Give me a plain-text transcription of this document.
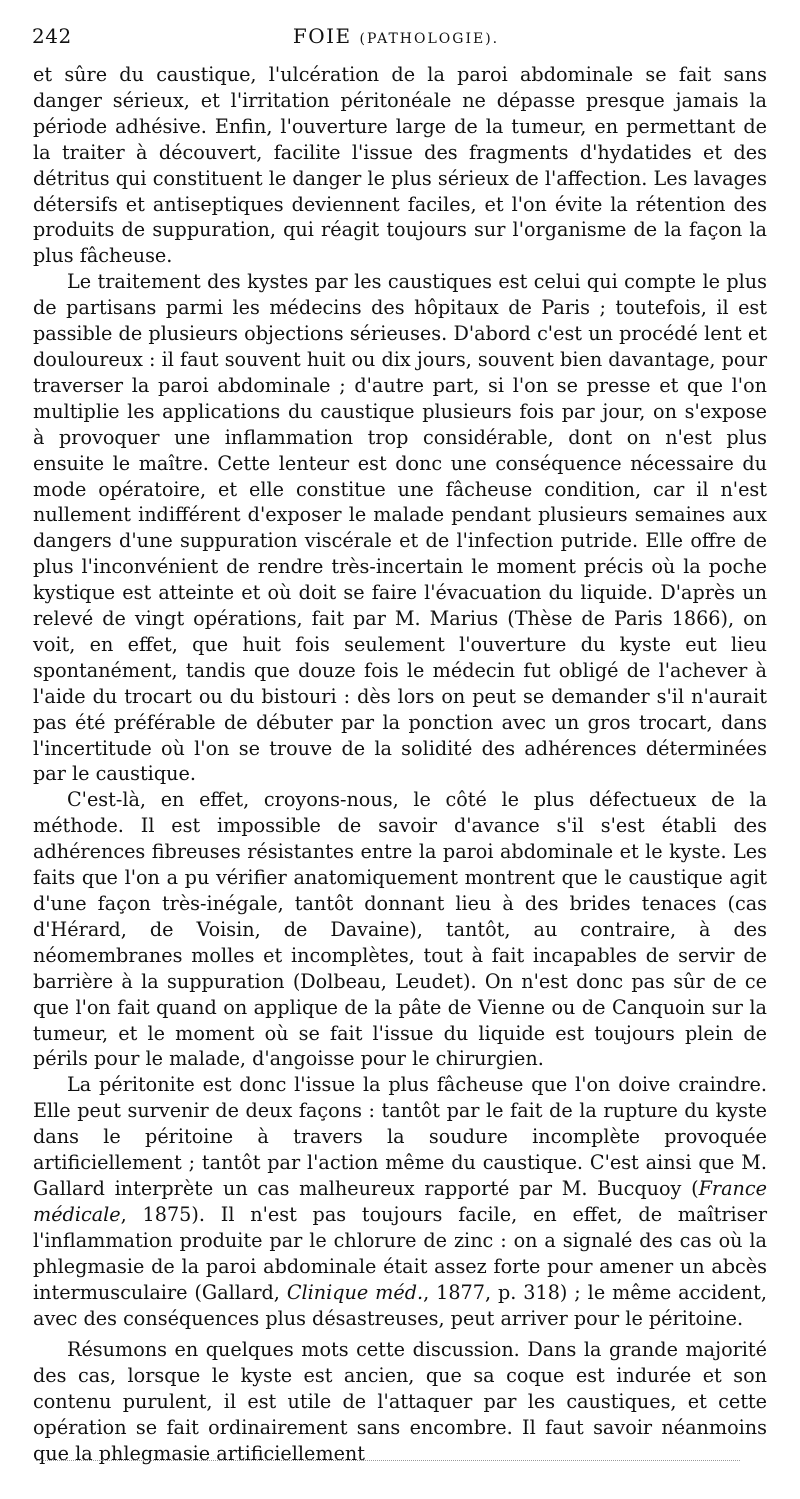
242	FOIE (PATHOLOGIE).

et sûre du caustique, l'ulcération de la paroi abdominale se fait sans danger sérieux, et l'irritation péritonéale ne dépasse presque jamais la période adhésive. Enfin, l'ouverture large de la tumeur, en permettant de la traiter à découvert, facilite l'issue des fragments d'hydatides et des détritus qui constituent le danger le plus sérieux de l'affection. Les lavages détersifs et antiseptiques deviennent faciles, et l'on évite la rétention des produits de suppuration, qui réagit toujours sur l'organisme de la façon la plus fâcheuse.

Le traitement des kystes par les caustiques est celui qui compte le plus de partisans parmi les médecins des hôpitaux de Paris ; toutefois, il est passible de plusieurs objections sérieuses. D'abord c'est un procédé lent et douloureux : il faut souvent huit ou dix jours, souvent bien davantage, pour traverser la paroi abdominale ; d'autre part, si l'on se presse et que l'on multiplie les applications du caustique plusieurs fois par jour, on s'expose à provoquer une inflammation trop considérable, dont on n'est plus ensuite le maître. Cette lenteur est donc une conséquence nécessaire du mode opératoire, et elle constitue une fâcheuse condition, car il n'est nullement indifférent d'exposer le malade pendant plusieurs semaines aux dangers d'une suppuration viscérale et de l'infection putride. Elle offre de plus l'inconvénient de rendre très-incertain le moment précis où la poche kystique est atteinte et où doit se faire l'évacuation du liquide. D'après un relevé de vingt opérations, fait par M. Marius (Thèse de Paris 1866), on voit, en effet, que huit fois seulement l'ouverture du kyste eut lieu spontanément, tandis que douze fois le médecin fut obligé de l'achever à l'aide du trocart ou du bistouri : dès lors on peut se demander s'il n'aurait pas été préférable de débuter par la ponction avec un gros trocart, dans l'incertitude où l'on se trouve de la solidité des adhérences déterminées par le caustique.

C'est-là, en effet, croyons-nous, le côté le plus défectueux de la méthode. Il est impossible de savoir d'avance s'il s'est établi des adhérences fibreuses résistantes entre la paroi abdominale et le kyste. Les faits que l'on a pu vérifier anatomiquement montrent que le caustique agit d'une façon très-inégale, tantôt donnant lieu à des brides tenaces (cas d'Hérard, de Voisin, de Davaine), tantôt, au contraire, à des néomembranes molles et incomplètes, tout à fait incapables de servir de barrière à la suppuration (Dolbeau, Leudet). On n'est donc pas sûr de ce que l'on fait quand on applique de la pâte de Vienne ou de Canquoin sur la tumeur, et le moment où se fait l'issue du liquide est toujours plein de périls pour le malade, d'angoisse pour le chirurgien.

La péritonite est donc l'issue la plus fâcheuse que l'on doive craindre. Elle peut survenir de deux façons : tantôt par le fait de la rupture du kyste dans le péritoine à travers la soudure incomplète provoquée artificiellement ; tantôt par l'action même du caustique. C'est ainsi que M. Gallard interprète un cas malheureux rapporté par M. Bucquoy (France médicale, 1875). Il n'est pas toujours facile, en effet, de maîtriser l'inflammation produite par le chlorure de zinc : on a signalé des cas où la phlegmasie de la paroi abdominale était assez forte pour amener un abcès intermusculaire (Gallard, Clinique méd., 1877, p. 318) ; le même accident, avec des conséquences plus désastreuses, peut arriver pour le péritoine.

Résumons en quelques mots cette discussion. Dans la grande majorité des cas, lorsque le kyste est ancien, que sa coque est indurée et son contenu purulent, il est utile de l'attaquer par les caustiques, et cette opération se fait ordinairement sans encombre. Il faut savoir néanmoins que la phlegmasie artificiellement
